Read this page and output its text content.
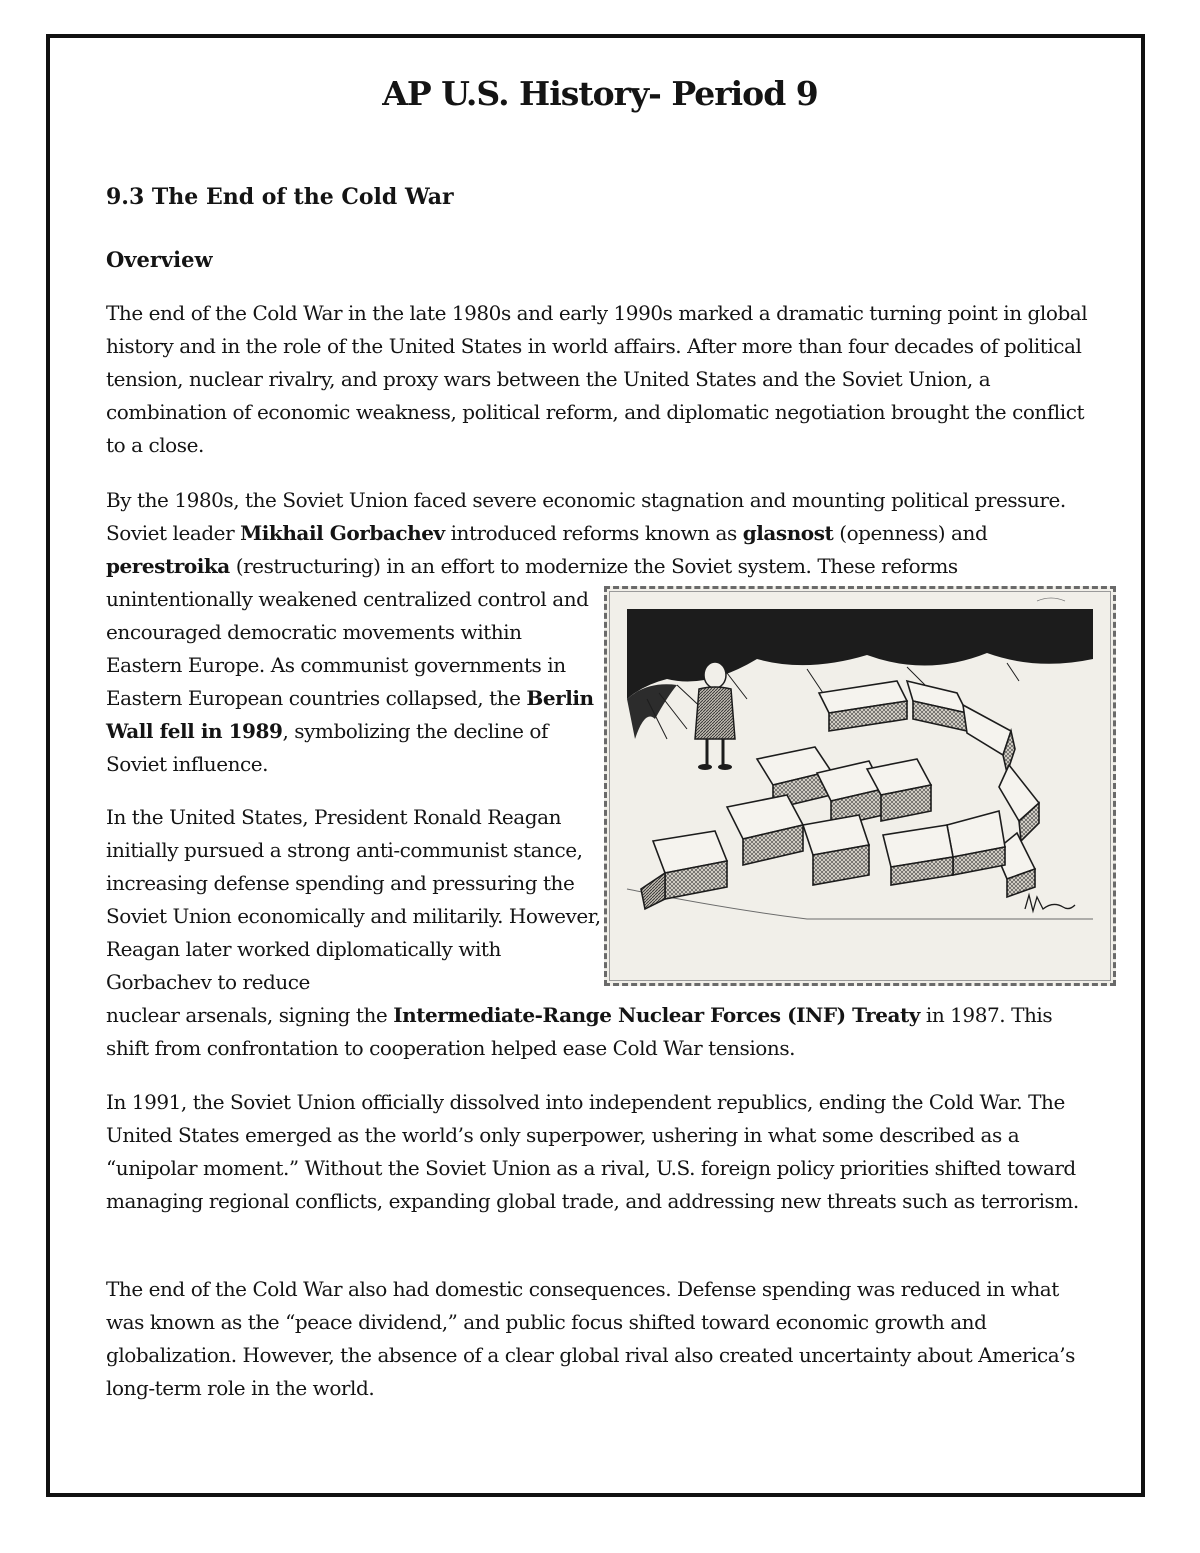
AP U.S. History- Period 9
9.3 The End of the Cold War
Overview

The end of the Cold War in the late 1980s and early 1990s marked a dramatic turning point in global history and in the role of the United States in world affairs. After more than four decades of political tension, nuclear rivalry, and proxy wars between the United States and the Soviet Union, a combination of economic weakness, political reform, and diplomatic negotiation brought the conflict to a close.

By the 1980s, the Soviet Union faced severe economic stagnation and mounting political pressure. Soviet leader Mikhail Gorbachev introduced reforms known as glasnost (openness) and perestroika (restructuring) in an effort to modernize the Soviet system. These reforms
unintentionally weakened centralized control and encouraged democratic movements within Eastern Europe. As communist governments in Eastern European countries collapsed, the Berlin Wall fell in 1989, symbolizing the decline of Soviet influence.

In the United States, President Ronald Reagan initially pursued a strong anti-communist stance, increasing defense spending and pressuring the Soviet Union economically and militarily. However, Reagan later worked diplomatically with Gorbachev to reduce
nuclear arsenals, signing the Intermediate-Range Nuclear Forces (INF) Treaty in 1987. This shift from confrontation to cooperation helped ease Cold War tensions.

In 1991, the Soviet Union officially dissolved into independent republics, ending the Cold War. The United States emerged as the world’s only superpower, ushering in what some described as a “unipolar moment.” Without the Soviet Union as a rival, U.S. foreign policy priorities shifted toward managing regional conflicts, expanding global trade, and addressing new threats such as terrorism.

The end of the Cold War also had domestic consequences. Defense spending was reduced in what was known as the “peace dividend,” and public focus shifted toward economic growth and globalization. However, the absence of a clear global rival also created uncertainty about America’s long-term role in the world.
